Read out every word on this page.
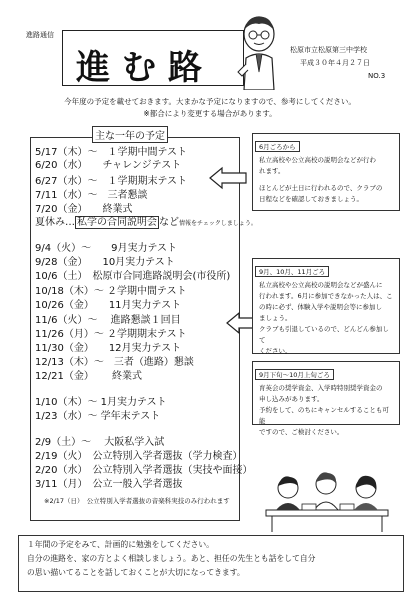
進路通信
進む路	松原市立松原第三中学校
平成３０年４月２７日
NO.3
今年度の予定を載せておきます。大まかな予定になりますので、参考にしてください。
※都合により変更する場合があります。
主な一年の予定
5/17（木）～　１学期中間テスト
6/20（水）　　チャレンジテスト
6/27（水）～　１学期期末テスト
7/11（水）～　三者懇談
7/20（金）　　終業式
夏休み… 私学の合同説明会 など情報をチェックしましょう。
9/4（火）～　　9月実力テスト
9/28（金）　　10月実力テスト
10/6（土）　松原市合同進路説明会(市役所)
10/18（木）～ ２学期中間テスト
10/26（金）　　11月実力テスト
11/6（火）～　 進路懇談１回目
11/26（月）～ ２学期期末テスト
11/30（金）　　12月実力テスト
12/13（木）～　三者（進路）懇談
12/21（金）　　 終業式
1/10（木）～ 1月実力テスト
1/23（水）～ 学年末テスト
2/9（土）～　 大阪私学入試
2/19（火）　公立特別入学者選抜（学力検査）
2/20（水）　公立特別入学者選抜（実技や面接）
3/11（月）　公立一般入学者選抜
※2/17（日）　公立特別入学者選抜の音楽科実技のみ行われます
6月ごろから
私立高校や公立高校の説明会などが行わ
れます。
ほとんどが土日に行われるので、クラブの
日程などを確認しておきましょう。
9月、10月、11月ごろ
私立高校や公立高校の説明会などが盛んに
行われます。6月に参加できなかった人は、こ
の時に必ず、体験入学や説明会等に参加し
ましょう。
クラブも引退しているので、どんどん参加して
ください。
9月下旬～10月上旬ごろ
育英会の奨学資金、入学時特別奨学資金の
申し込みがあります。
予約をして、のちにキャンセルすることも可能
ですので、ご検討ください。
１年間の予定をみて、計画的に勉強をしてください。
自分の進路を、家の方とよく相談しましょう。あと、担任の先生とも話をして自分
の思い描いてることを話しておくことが大切になってきます。
